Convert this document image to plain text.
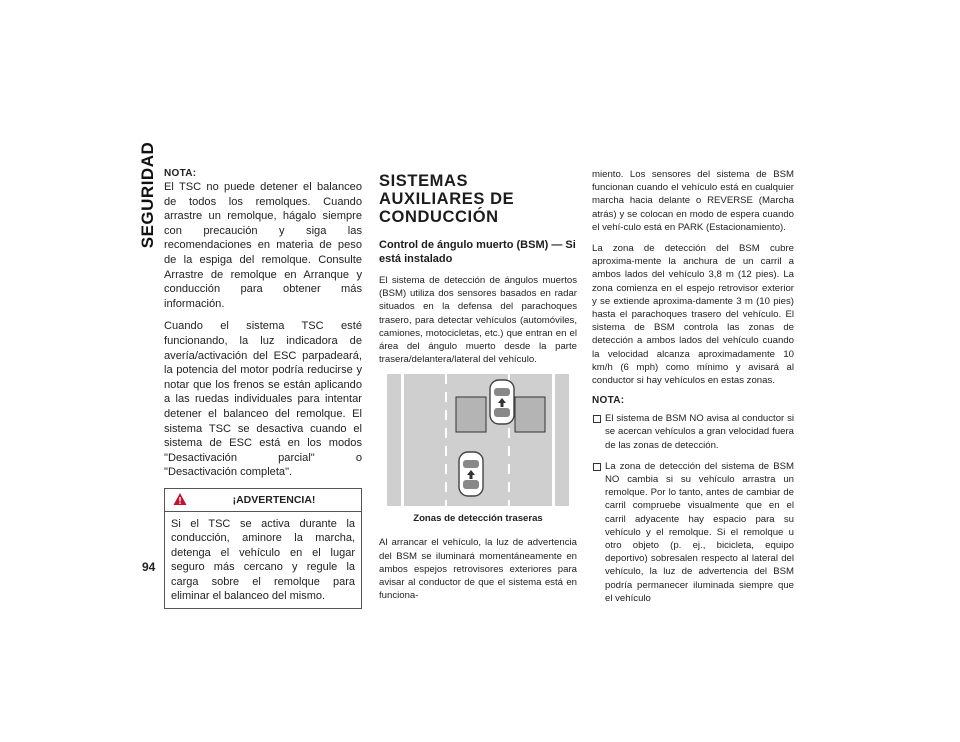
SEGURIDAD
94
NOTA:

El TSC no puede detener el balanceo de todos los remolques. Cuando arrastre un remolque, hágalo siempre con precaución y siga las recomendaciones en materia de peso de la espiga del remolque. Consulte Arrastre de remolque en Arranque y conducción para obtener más información.

Cuando el sistema TSC esté funcionando, la luz indicadora de avería/activación del ESC parpadeará, la potencia del motor podría reducirse y notar que los frenos se están aplicando a las ruedas individuales para intentar detener el balanceo del remolque. El sistema TSC se desactiva cuando el sistema de ESC está en los modos "Desactivación parcial" o "Desactivación completa".

¡ADVERTENCIA!

Si el TSC se activa durante la conducción, aminore la marcha, detenga el vehículo en el lugar seguro más cercano y regule la carga sobre el remolque para eliminar el balanceo del mismo.

SISTEMAS AUXILIARES DE CONDUCCIÓN
Control de ángulo muerto (BSM) — Si está instalado

El sistema de detección de ángulos muertos (BSM) utiliza dos sensores basados en radar situados en la defensa del parachoques trasero, para detectar vehículos (automóviles, camiones, motocicletas, etc.) que entran en el área del ángulo muerto desde la parte trasera/delantera/lateral del vehículo.

Zonas de detección traseras

Al arrancar el vehículo, la luz de advertencia del BSM se iluminará momentáneamente en ambos espejos retrovisores exteriores para avisar al conductor de que el sistema está en funciona-

miento. Los sensores del sistema de BSM funcionan cuando el vehículo está en cualquier marcha hacia delante o REVERSE (Marcha atrás) y se colocan en modo de espera cuando el vehí-culo está en PARK (Estacionamiento).

La zona de detección del BSM cubre aproxima-mente la anchura de un carril a ambos lados del vehículo 3,8 m (12 pies). La zona comienza en el espejo retrovisor exterior y se extiende aproxima-damente 3 m (10 pies) hasta el parachoques trasero del vehículo. El sistema de BSM controla las zonas de detección a ambos lados del vehículo cuando la velocidad alcanza aproximadamente 10 km/h (6 mph) como mínimo y avisará al conductor si hay vehículos en estas zonas.

NOTA:
El sistema de BSM NO avisa al conductor si se acercan vehículos a gran velocidad fuera de las zonas de detección.
La zona de detección del sistema de BSM NO cambia si su vehículo arrastra un remolque. Por lo tanto, antes de cambiar de carril compruebe visualmente que en el carril adyacente hay espacio para su vehículo y el remolque. Si el remolque u otro objeto (p. ej., bicicleta, equipo deportivo) sobresalen respecto al lateral del vehículo, la luz de advertencia del BSM podría permanecer iluminada siempre que el vehículo
